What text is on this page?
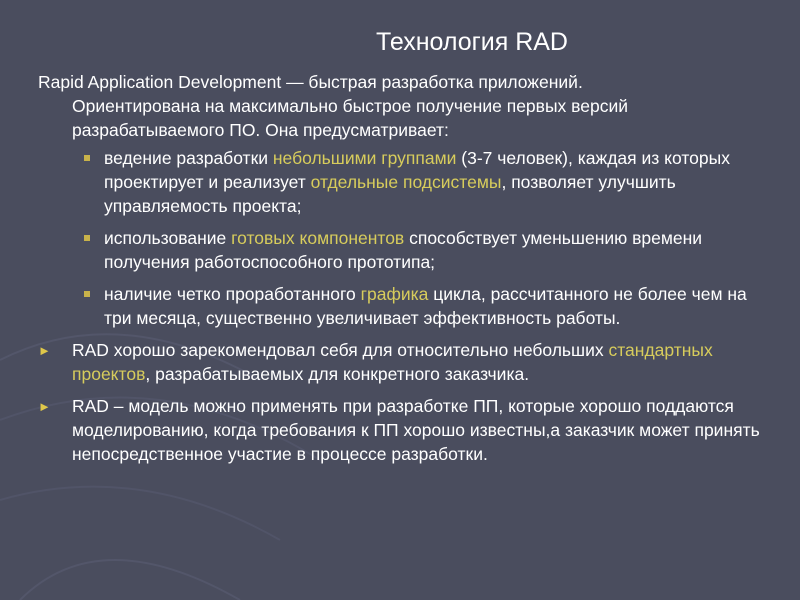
Технология RAD

Rapid Application Development — быстрая разработка приложений.
Ориентирована на максимально быстрое получение первых версий
разрабатываемого ПО. Она предусматривает:

ведение разработки небольшими группами (3-7 человек), каждая из которых проектирует и реализует отдельные подсистемы, позволяет улучшить управляемость проекта;
использование готовых компонентов способствует уменьшению времени получения работоспособного прототипа;
наличие четко проработанного графика цикла, рассчитанного не более чем на три месяца, существенно увеличивает эффективность работы.
► RAD хорошо зарекомендовал себя для относительно небольших стандартных проектов, разрабатываемых для конкретного заказчика.
► RAD – модель можно применять при разработке ПП, которые хорошо поддаются моделированию, когда требования к ПП хорошо известны,а заказчик может принять непосредственное участие в процессе разработки.
